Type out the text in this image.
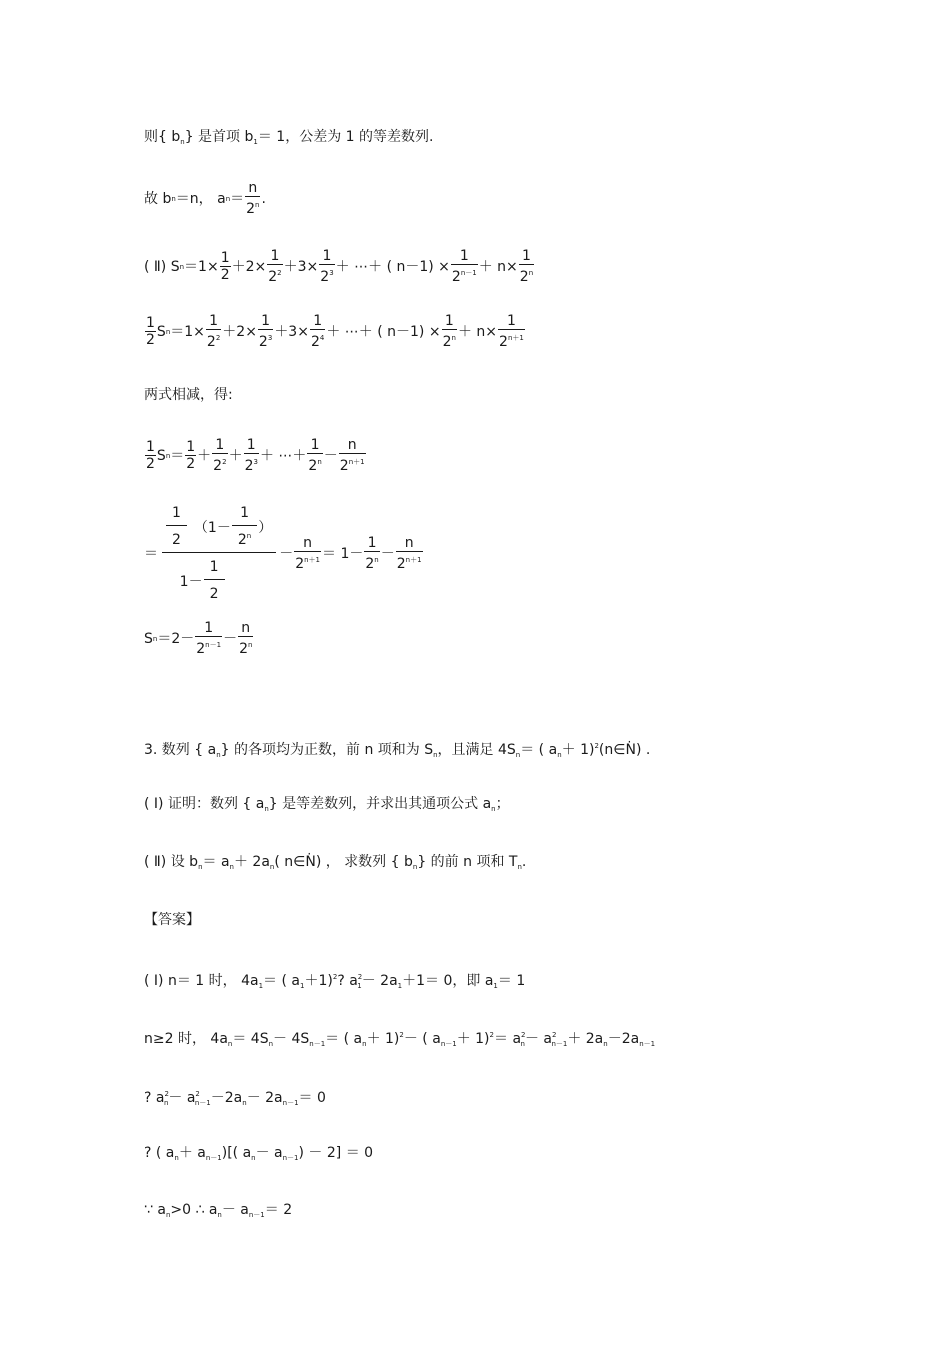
则{ $b_n$} 是首项 $b_1= 1$，公差为 1 的等差数列.
故 b n ＝n， a $n = \frac{n}{2^n}$ .
( Ⅱ) S $n =1\times \frac{1}{2} +2\times \frac{1}{2^2} +3\times \frac{1}{2^3}$ ＋ ⋯＋ ( $n-1) \times \frac{1}{2^{n-1}} + n\times \frac{1}{2^n}$
$\frac{1}{2}$ S $n =1\times \frac{1}{2^2} +2\times \frac{1}{2^3} +3\times \frac{1}{2^4}$ ＋ ⋯＋ ( $n-1) \times \frac{1}{2^n} + n\times \frac{1}{2^{n+1}}$
两式相减，得:
$\frac{1}{2}$ S $n = \frac{1}{2} + \frac{1}{2^2} + \frac{1}{2^3}$ ＋ ⋯＋ $\frac{1}{2^n} - \frac{n}{2^{n+1}}$
＝ $\frac{\frac{1}{2} (1- \frac{1}{2^n} )}{1- \frac{1}{2}} - \frac{n}{2^{n+1}} = 1- \frac{1}{2^n} - \frac{n}{2^{n+1}}$
S $n =2- \frac{1}{2^{n-1}} - \frac{n}{2^n}$
3. 数列 { $a_n$} 的各项均为正数，前 n 项和为 $S_n$，且满足 $4S_n=$ ( $a_n+$ 1)$^2$(n∈· N) .
( Ⅰ) 证明：数列 { $a_n$} 是等差数列，并求出其通项公式 $a_n$；
( Ⅱ) 设 $b_n= a_n+ 2a_n$( n∈· N) ， 求数列 { $b_n$} 的前 n 项和 $T_n$.
【答案】
( Ⅰ) n＝ 1 时， $4a_1=$ ( $a_1+1)^2$? $a^2_1- 2a_1+1= 0$，即 $a_1= 1$
n≥2 时， $4a_n= 4S_n- 4S_{n-1}=$ ( $a_n+ 1)^2-$ ( $a_{n-1}+ 1)^2= a^2_n- a^2_{n-1}+ 2a_n-2a_{n-1}$
? $a^2_n- a^2_{n-1}-2a_n- 2a_{n-1}= 0$
? ( $a_n+ a_{n-1}$)[( $a_n- a_{n-1}) - 2] = 0$
∵ $a_n>0$ ∴ $a_n- a_{n-1}= 2$
